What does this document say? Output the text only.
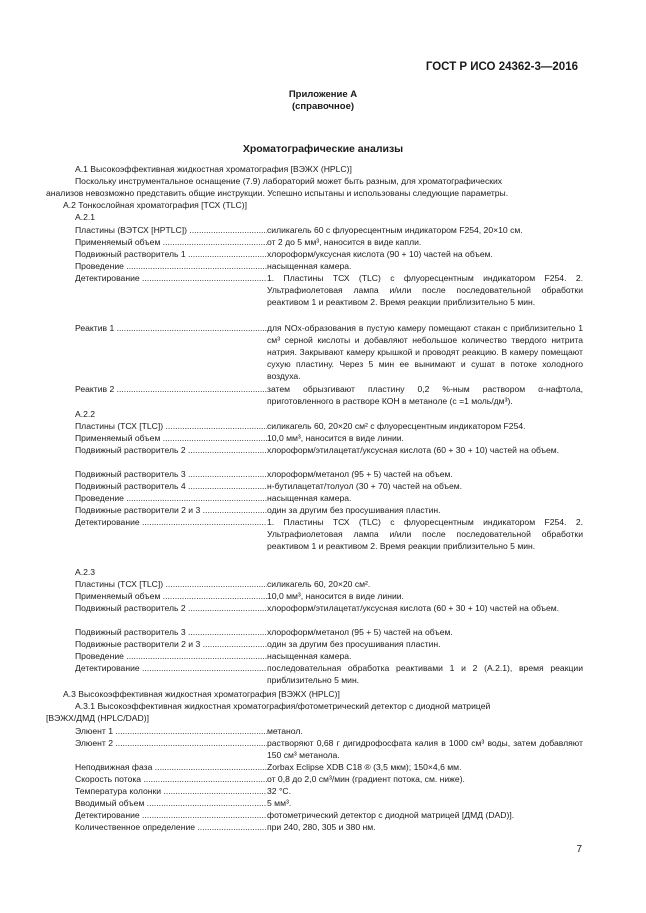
ГОСТ Р ИСО 24362-3—2016
Приложение А
(справочное)
Хроматографические анализы
А.1 Высокоэффективная жидкостная хроматография [ВЭЖХ (HPLC)]
Поскольку инструментальное оснащение (7.9) лабораторий может быть разным, для хроматографических
анализов невозможно представить общие инструкции. Успешно испытаны и использованы следующие параметры.
А.2 Тонкослойная хроматография [ТСХ (TLC)]
А.2.1
Пластины (ВЭТСХ [HPTLC]) .....	силикагель 60 с флуоресцентным индикатором F254, 20×10 см.
Применяемый объем .....	от 2 до 5 мм³, наносится в виде капли.
Подвижный растворитель 1 .....	хлороформ/уксусная кислота (90 + 10) частей на объем.
Проведение .....	насыщенная камера.
Детектирование .....	1. Пластины ТСХ (TLC) с флуоресцентным индикатором F254. 2. Ультрафиолетовая лампа и/или после последовательной обработки реактивом 1 и реактивом 2. Время реакции приблизительно 5 мин.
Реактив 1 .....	для NOx-образования в пустую камеру помещают стакан с приблизительно 1 см³ серной кислоты и добавляют небольшое количество твердого нитрита натрия. Закрывают камеру крышкой и проводят реакцию. В камеру помещают сухую пластину. Через 5 мин ее вынимают и сушат в потоке холодного воздуха.
Реактив 2 .....	затем обрызгивают пластину 0,2 %-ным раствором α-нафтола, приготовленного в растворе КОН в метаноле (с =1 моль/дм³).
А.2.2
Пластины (ТСХ [TLC]) .....	силикагель 60, 20×20 см² с флуоресцентным индикатором F254.
Применяемый объем .....	10,0 мм³, наносится в виде линии.
Подвижный растворитель 2 .....	хлороформ/этилацетат/уксусная кислота (60 + 30 + 10) частей на объем.
Подвижный растворитель 3 .....	хлороформ/метанол (95 + 5) частей на объем.
Подвижный растворитель 4 .....	н-бутилацетат/толуол (30 + 70) частей на объем.
Проведение .....	насыщенная камера.
Подвижные растворители 2 и 3 .....	один за другим без просушивания пластин.
Детектирование .....	1. Пластины ТСХ (TLC) с флуоресцентным индикатором F254. 2. Ультрафиолетовая лампа и/или после последовательной обработки реактивом 1 и реактивом 2. Время реакции приблизительно 5 мин.
А.2.3
Пластины (ТСХ [TLC]) .....	силикагель 60, 20×20 см².
Применяемый объем .....	10,0 мм³, наносится в виде линии.
Подвижный растворитель 2 .....	хлороформ/этилацетат/уксусная кислота (60 + 30 + 10) частей на объем.
Подвижный растворитель 3 .....	хлороформ/метанол (95 + 5) частей на объем.
Подвижные растворители 2 и 3 .....	один за другим без просушивания пластин.
Проведение .....	насыщенная камера.
Детектирование .....	последовательная обработка реактивами 1 и 2 (А.2.1), время реакции приблизительно 5 мин.
А.3 Высокоэффективная жидкостная хроматография [ВЭЖХ (HPLC)]
А.3.1 Высокоэффективная жидкостная хроматография/фотометрический детектор с диодной матрицей
[ВЭЖХ/ДМД (HPLC/DAD)]
Элюент 1 .....	метанол.
Элюент 2 .....	растворяют 0,68 г дигидрофосфата калия в 1000 см³ воды, затем добавляют 150 см³ метанола.
Неподвижная фаза .....	Zorbax Eclipse XDB C18 ® (3,5 мкм); 150×4,6 мм.
Скорость потока .....	от 0,8 до 2,0 см³/мин (градиент потока, см. ниже).
Температура колонки .....	32 °С.
Вводимый объем .....	5 мм³.
Детектирование .....	фотометрический детектор с диодной матрицей [ДМД (DAD)].
Количественное определение .....	при 240, 280, 305 и 380 нм.
7
